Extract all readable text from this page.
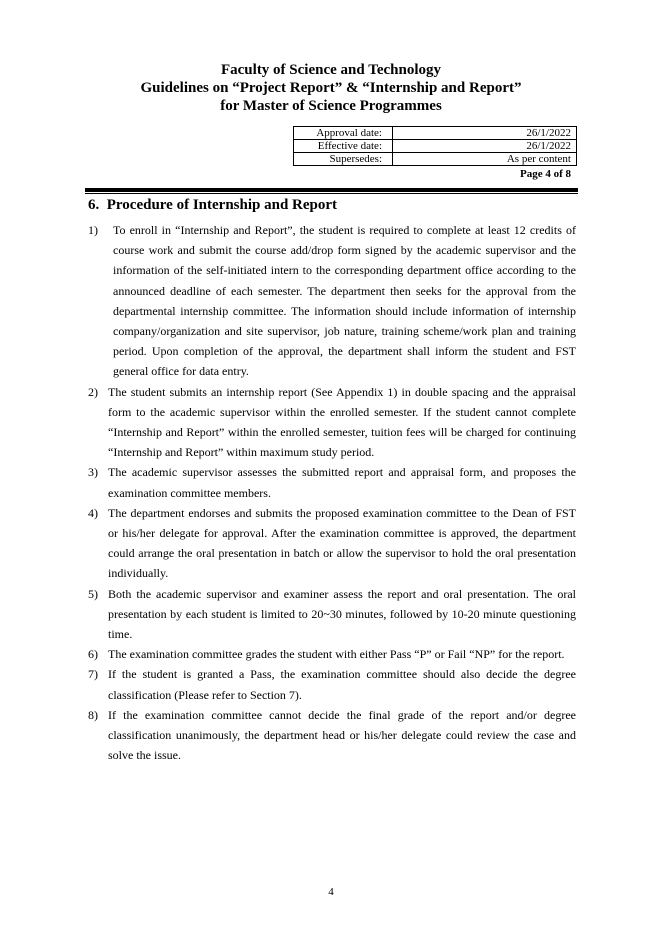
Faculty of Science and Technology
Guidelines on “Project Report” & “Internship and Report”
for Master of Science Programmes
Approval date:	26/1/2022
Effective date:	26/1/2022
Supersedes:	As per content
Page 4 of 8
6. Procedure of Internship and Report
1) To enroll in “Internship and Report”, the student is required to complete at least 12 credits of course work and submit the course add/drop form signed by the academic supervisor and the information of the self-initiated intern to the corresponding department office according to the announced deadline of each semester. The department then seeks for the approval from the departmental internship committee. The information should include information of internship company/organization and site supervisor, job nature, training scheme/work plan and training period. Upon completion of the approval, the department shall inform the student and FST general office for data entry.
2) The student submits an internship report (See Appendix 1) in double spacing and the appraisal form to the academic supervisor within the enrolled semester. If the student cannot complete “Internship and Report” within the enrolled semester, tuition fees will be charged for continuing “Internship and Report” within maximum study period.
3) The academic supervisor assesses the submitted report and appraisal form, and proposes the examination committee members.
4) The department endorses and submits the proposed examination committee to the Dean of FST or his/her delegate for approval. After the examination committee is approved, the department could arrange the oral presentation in batch or allow the supervisor to hold the oral presentation individually.
5) Both the academic supervisor and examiner assess the report and oral presentation. The oral presentation by each student is limited to 20~30 minutes, followed by 10-20 minute questioning time.
6) The examination committee grades the student with either Pass “P” or Fail “NP” for the report.
7) If the student is granted a Pass, the examination committee should also decide the degree classification (Please refer to Section 7).
8) If the examination committee cannot decide the final grade of the report and/or degree classification unanimously, the department head or his/her delegate could review the case and solve the issue.
4
